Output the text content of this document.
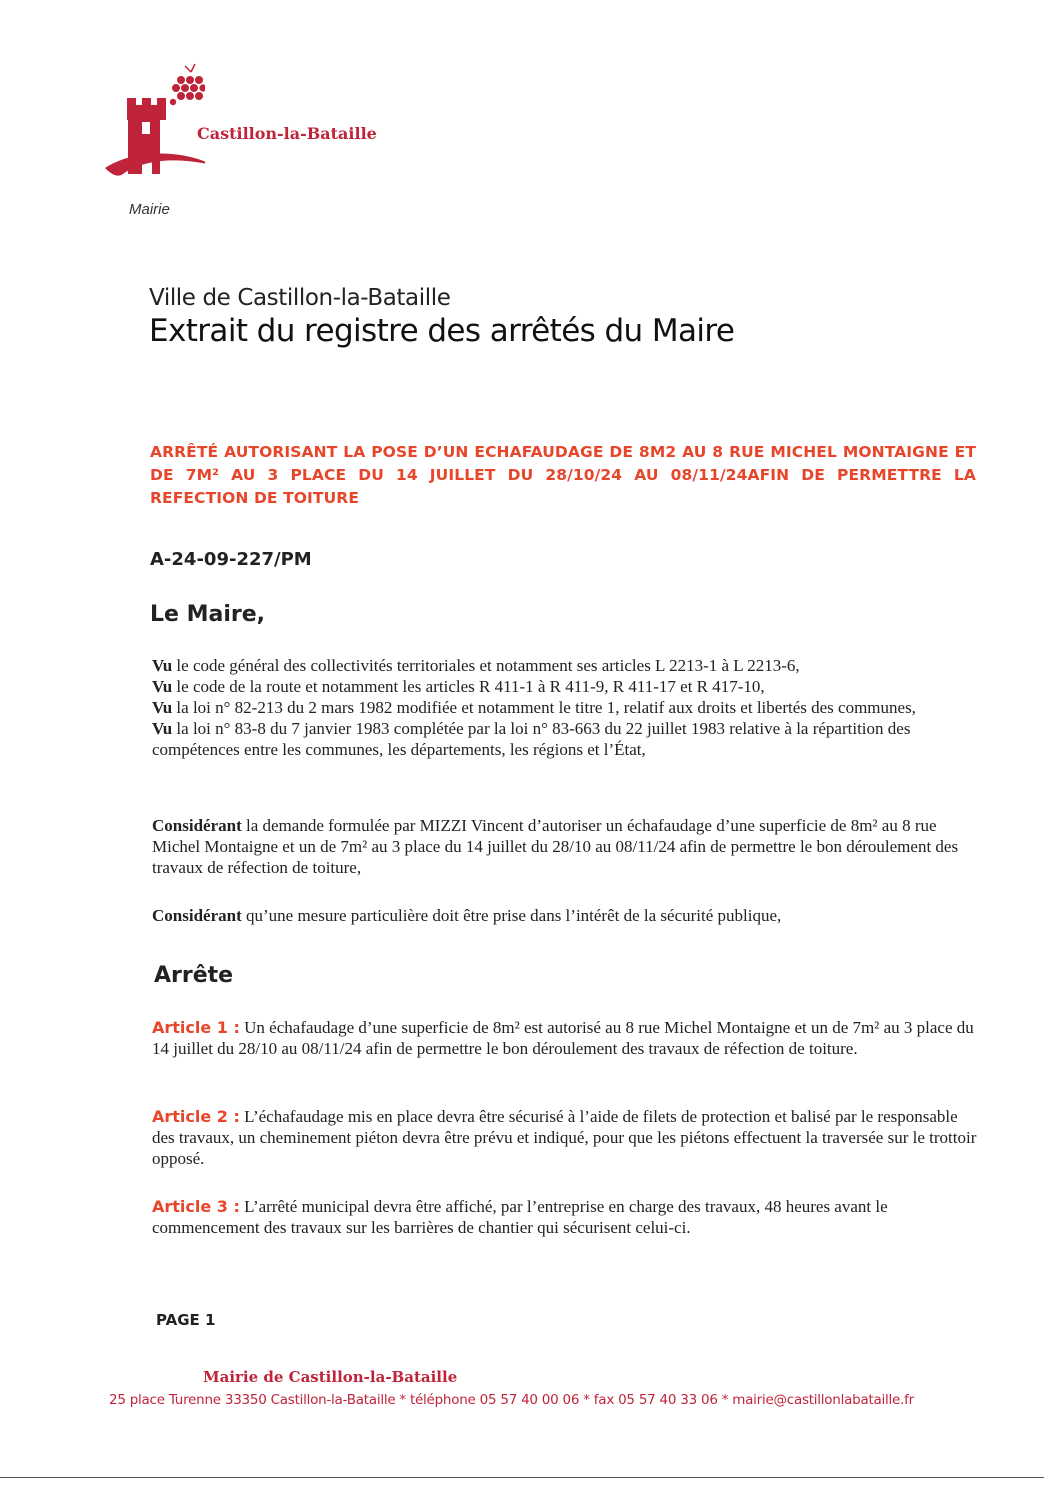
Castillon-la-Bataille
Mairie
Ville de Castillon-la-Bataille
Extrait du registre des arrêtés du Maire
ARRÊTÉ AUTORISANT LA POSE D’UN ECHAFAUDAGE DE 8M2 AU 8 RUE MICHEL MONTAIGNE ET DE 7M² AU 3 PLACE DU 14 JUILLET DU 28/10/24 AU 08/11/24AFIN DE PERMETTRE LA REFECTION DE TOITURE
A-24-09-227/PM
Le Maire,
Vu le code général des collectivités territoriales et notamment ses articles L 2213-1 à L 2213-6,
Vu le code de la route et notamment les articles R 411-1 à R 411-9, R 411-17 et R 417-10,
Vu la loi n° 82-213 du 2 mars 1982 modifiée et notamment le titre 1, relatif aux droits et libertés des communes,
Vu la loi n° 83-8 du 7 janvier 1983 complétée par la loi n° 83-663 du 22 juillet 1983 relative à la répartition des compétences entre les communes, les départements, les régions et l’État,
Considérant la demande formulée par MIZZI Vincent d’autoriser un échafaudage d’une superficie de 8m² au 8 rue Michel Montaigne et un de 7m² au 3 place du 14 juillet du 28/10 au 08/11/24 afin de permettre le bon déroulement des travaux de réfection de toiture,
Considérant qu’une mesure particulière doit être prise dans l’intérêt de la sécurité publique,
Arrête
Article 1 : Un échafaudage d’une superficie de 8m² est autorisé au 8 rue Michel Montaigne et un de 7m² au 3 place du 14 juillet du 28/10 au 08/11/24 afin de permettre le bon déroulement des travaux de réfection de toiture.
Article 2 : L’échafaudage mis en place devra être sécurisé à l’aide de filets de protection et balisé par le responsable des travaux, un cheminement piéton devra être prévu et indiqué, pour que les piétons effectuent la traversée sur le trottoir opposé.
Article 3 : L’arrêté municipal devra être affiché, par l’entreprise en charge des travaux, 48 heures avant le commencement des travaux sur les barrières de chantier qui sécurisent celui-ci.
PAGE 1
Mairie de Castillon-la-Bataille
25 place Turenne 33350 Castillon-la-Bataille * téléphone 05 57 40 00 06 * fax 05 57 40 33 06 * mairie@castillonlabataille.fr
